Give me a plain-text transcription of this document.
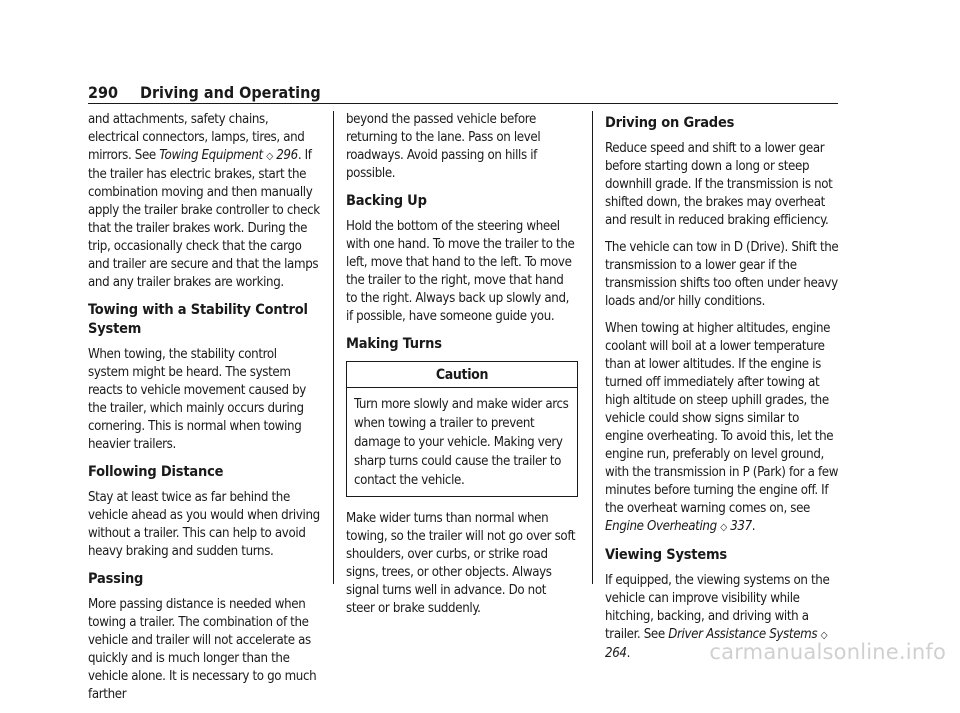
290 Driving and Operating

and attachments, safety chains, electrical connectors, lamps, tires, and mirrors. See Towing Equipment ◇ 296. If the trailer has electric brakes, start the combination moving and then manually apply the trailer brake controller to check that the trailer brakes work. During the trip, occasionally check that the cargo and trailer are secure and that the lamps and any trailer brakes are working.

Towing with a Stability Control System

When towing, the stability control system might be heard. The system reacts to vehicle movement caused by the trailer, which mainly occurs during cornering. This is normal when towing heavier trailers.

Following Distance

Stay at least twice as far behind the vehicle ahead as you would when driving without a trailer. This can help to avoid heavy braking and sudden turns.

Passing

More passing distance is needed when towing a trailer. The combination of the vehicle and trailer will not accelerate as quickly and is much longer than the vehicle alone. It is necessary to go much farther

beyond the passed vehicle before returning to the lane. Pass on level roadways. Avoid passing on hills if possible.

Backing Up

Hold the bottom of the steering wheel with one hand. To move the trailer to the left, move that hand to the left. To move the trailer to the right, move that hand to the right. Always back up slowly and, if possible, have someone guide you.

Making Turns
Caution
Turn more slowly and make wider arcs when towing a trailer to prevent damage to your vehicle. Making very sharp turns could cause the trailer to contact the vehicle.

Make wider turns than normal when towing, so the trailer will not go over soft shoulders, over curbs, or strike road signs, trees, or other objects. Always signal turns well in advance. Do not steer or brake suddenly.

Driving on Grades

Reduce speed and shift to a lower gear before starting down a long or steep downhill grade. If the transmission is not shifted down, the brakes may overheat and result in reduced braking efficiency.

The vehicle can tow in D (Drive). Shift the transmission to a lower gear if the transmission shifts too often under heavy loads and/or hilly conditions.

When towing at higher altitudes, engine coolant will boil at a lower temperature than at lower altitudes. If the engine is turned off immediately after towing at high altitude on steep uphill grades, the vehicle could show signs similar to engine overheating. To avoid this, let the engine run, preferably on level ground, with the transmission in P (Park) for a few minutes before turning the engine off. If the overheat warning comes on, see Engine Overheating ◇ 337.

Viewing Systems

If equipped, the viewing systems on the vehicle can improve visibility while hitching, backing, and driving with a trailer. See Driver Assistance Systems ◇ 264.	carmanualsonline.info
